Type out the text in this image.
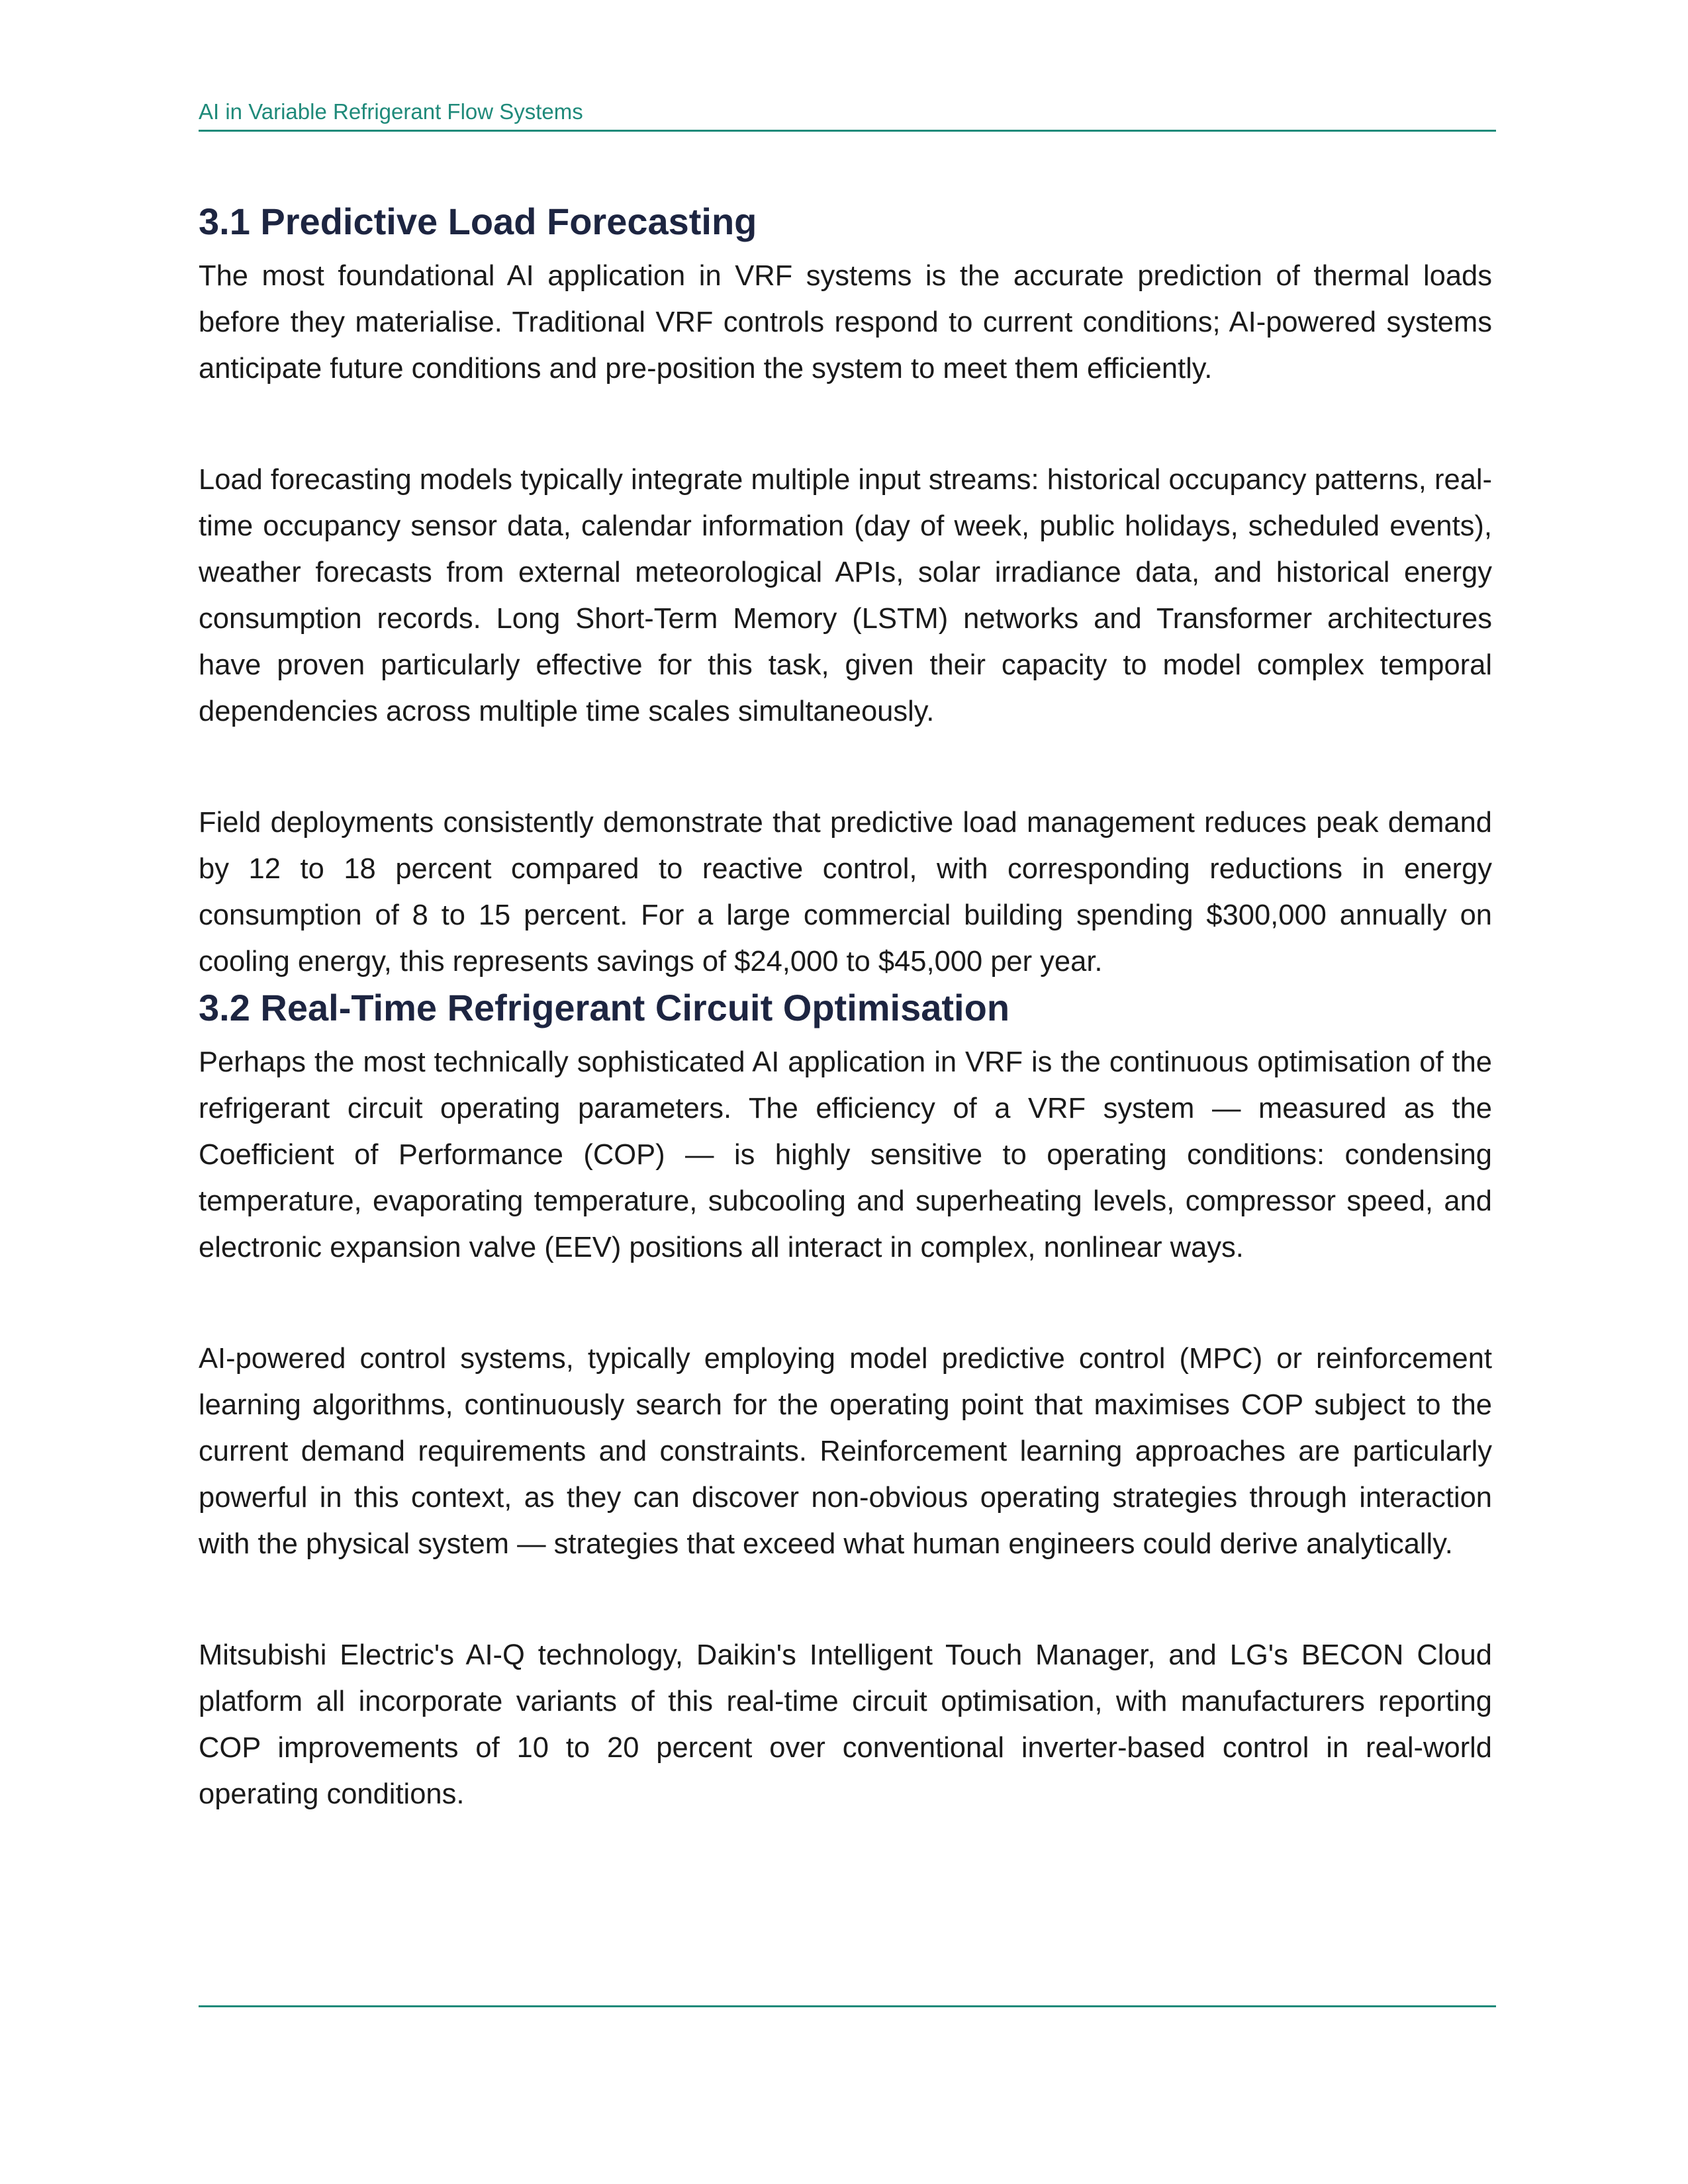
AI in Variable Refrigerant Flow Systems
3.1 Predictive Load Forecasting

The most foundational AI application in VRF systems is the accurate prediction of thermal loads before they materialise. Traditional VRF controls respond to current conditions; AI-powered systems anticipate future conditions and pre-position the system to meet them efficiently.

Load forecasting models typically integrate multiple input streams: historical occupancy patterns, real-time occupancy sensor data, calendar information (day of week, public holidays, scheduled events), weather forecasts from external meteorological APIs, solar irradiance data, and historical energy consumption records. Long Short-Term Memory (LSTM) networks and Transformer architectures have proven particularly effective for this task, given their capacity to model complex temporal dependencies across multiple time scales simultaneously.

Field deployments consistently demonstrate that predictive load management reduces peak demand by 12 to 18 percent compared to reactive control, with corresponding reductions in energy consumption of 8 to 15 percent. For a large commercial building spending $300,000 annually on cooling energy, this represents savings of $24,000 to $45,000 per year.

3.2 Real-Time Refrigerant Circuit Optimisation

Perhaps the most technically sophisticated AI application in VRF is the continuous optimisation of the refrigerant circuit operating parameters. The efficiency of a VRF system — measured as the Coefficient of Performance (COP) — is highly sensitive to operating conditions: condensing temperature, evaporating temperature, subcooling and superheating levels, compressor speed, and electronic expansion valve (EEV) positions all interact in complex, nonlinear ways.

AI-powered control systems, typically employing model predictive control (MPC) or reinforcement learning algorithms, continuously search for the operating point that maximises COP subject to the current demand requirements and constraints. Reinforcement learning approaches are particularly powerful in this context, as they can discover non-obvious operating strategies through interaction with the physical system — strategies that exceed what human engineers could derive analytically.

Mitsubishi Electric's AI-Q technology, Daikin's Intelligent Touch Manager, and LG's BECON Cloud platform all incorporate variants of this real-time circuit optimisation, with manufacturers reporting COP improvements of 10 to 20 percent over conventional inverter-based control in real-world operating conditions.
